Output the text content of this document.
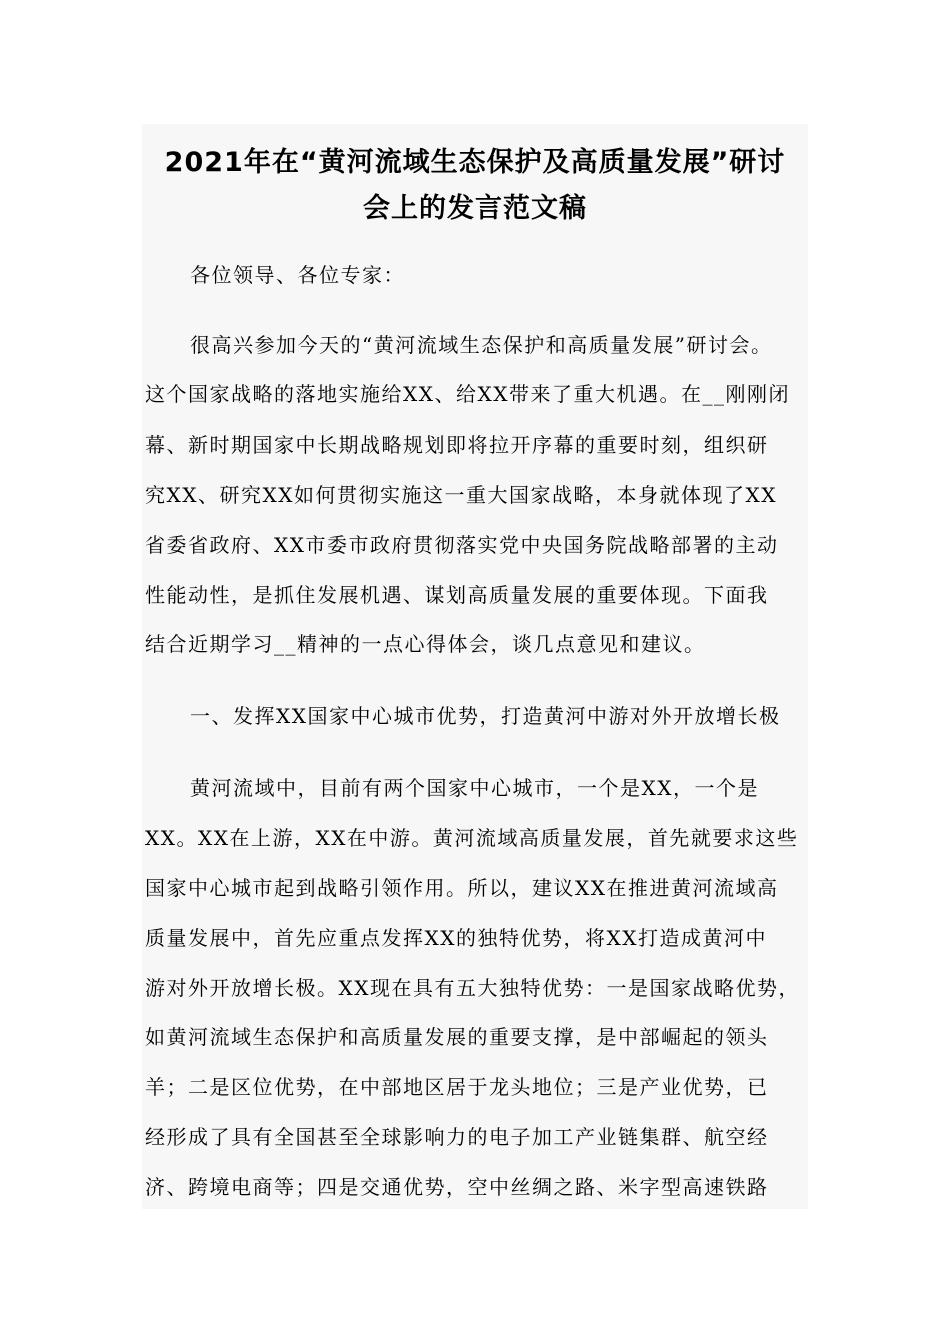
2021年在“黄河流域生态保护及高质量发展”研讨
会上的发言范文稿
各位领导、各位专家：
很高兴参加今天的“黄河流域生态保护和高质量发展”研讨会。
这个国家战略的落地实施给XX、给XX带来了重大机遇。在__刚刚闭
幕、新时期国家中长期战略规划即将拉开序幕的重要时刻，组织研
究XX、研究XX如何贯彻实施这一重大国家战略，本身就体现了XX
省委省政府、XX市委市政府贯彻落实党中央国务院战略部署的主动
性能动性，是抓住发展机遇、谋划高质量发展的重要体现。下面我
结合近期学习__精神的一点心得体会，谈几点意见和建议。
一、发挥XX国家中心城市优势，打造黄河中游对外开放增长极
黄河流域中，目前有两个国家中心城市，一个是XX，一个是
XX。XX在上游，XX在中游。黄河流域高质量发展，首先就要求这些
国家中心城市起到战略引领作用。所以，建议XX在推进黄河流域高
质量发展中，首先应重点发挥XX的独特优势，将XX打造成黄河中
游对外开放增长极。XX现在具有五大独特优势：一是国家战略优势，
如黄河流域生态保护和高质量发展的重要支撑，是中部崛起的领头
羊；二是区位优势，在中部地区居于龙头地位；三是产业优势，已
经形成了具有全国甚至全球影响力的电子加工产业链集群、航空经
济、跨境电商等；四是交通优势，空中丝绸之路、米字型高速铁路
